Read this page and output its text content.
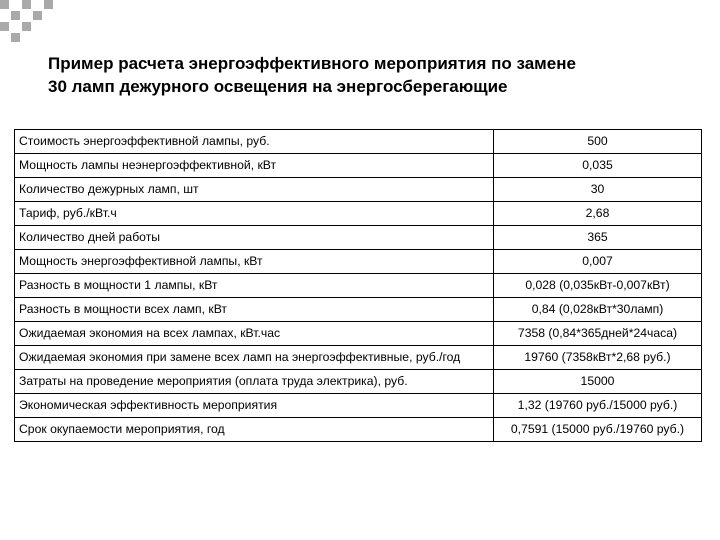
Пример расчета энергоэффективного мероприятия по замене
30 ламп дежурного освещения на энергосберегающие
Стоимость энергоэффективной лампы, руб.	500
Мощность лампы неэнергоэффективной, кВт	0,035
Количество дежурных ламп, шт	30
Тариф, руб./кВт.ч	2,68
Количество дней работы	365
Мощность энергоэффективной лампы, кВт	0,007
Разность в мощности 1 лампы, кВт	0,028 (0,035кВт-0,007кВт)
Разность в мощности всех ламп, кВт	0,84 (0,028кВт*30ламп)
Ожидаемая экономия на всех лампах, кВт.час	7358 (0,84*365дней*24часа)
Ожидаемая экономия при замене всех ламп на энергоэффективные, руб./год	19760 (7358кВт*2,68 руб.)
Затраты на проведение мероприятия (оплата труда электрика), руб.	15000
Экономическая эффективность мероприятия	1,32 (19760 руб./15000 руб.)
Срок окупаемости мероприятия, год	0,7591 (15000 руб./19760 руб.)
